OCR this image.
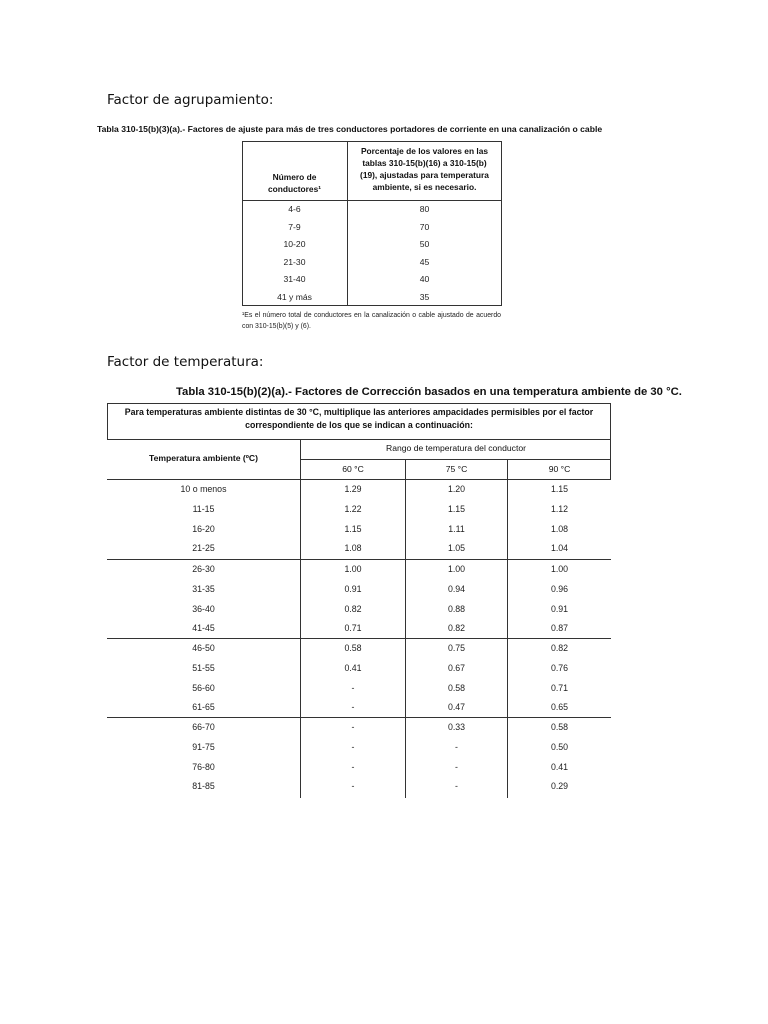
Factor de agrupamiento:
Tabla 310-15(b)(3)(a).- Factores de ajuste para más de tres conductores portadores de corriente en una canalización o cable
Número de
conductores¹
Porcentaje de los valores en las
tablas 310-15(b)(16) a 310-15(b)
(19), ajustadas para temperatura
ambiente, si es necesario.
4-6	80
7-9	70
10-20	50
21-30	45
31-40	40
41 y más	35
¹Es el número total de conductores en la canalización o cable ajustado de acuerdo con 310-15(b)(5) y (6).
Factor de temperatura:
Tabla 310-15(b)(2)(a).- Factores de Corrección basados en una temperatura ambiente de 30 °C.
Para temperaturas ambiente distintas de 30 °C, multiplique las anteriores ampacidades permisibles por el factor
correspondiente de los que se indican a continuación:
Temperatura ambiente (ºC)
Rango de temperatura del conductor
60 °C	75 °C	90 °C
10 o menos	1.29	1.20	1.15
11-15	1.22	1.15	1.12
16-20	1.15	1.11	1.08
21-25	1.08	1.05	1.04
26-30	1.00	1.00	1.00
31-35	0.91	0.94	0.96
36-40	0.82	0.88	0.91
41-45	0.71	0.82	0.87
46-50	0.58	0.75	0.82
51-55	0.41	0.67	0.76
56-60	-	0.58	0.71
61-65	-	0.47	0.65
66-70	-	0.33	0.58
91-75	-	-	0.50
76-80	-	-	0.41
81-85	-	-	0.29
